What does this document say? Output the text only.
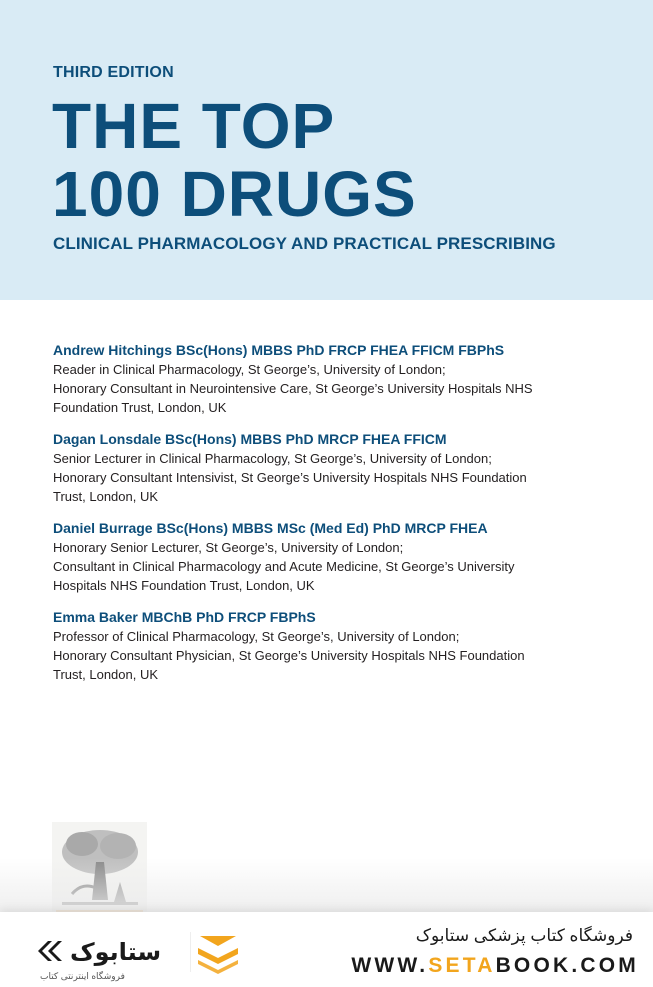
THIRD EDITION
THE TOP
100 DRUGS
CLINICAL PHARMACOLOGY AND PRACTICAL PRESCRIBING
Andrew Hitchings BSc(Hons) MBBS PhD FRCP FHEA FFICM FBPhS
Reader in Clinical Pharmacology, St George’s, University of London;
Honorary Consultant in Neurointensive Care, St George’s University Hospitals NHS
Foundation Trust, London, UK
Dagan Lonsdale BSc(Hons) MBBS PhD MRCP FHEA FFICM
Senior Lecturer in Clinical Pharmacology, St George’s, University of London;
Honorary Consultant Intensivist, St George’s University Hospitals NHS Foundation
Trust, London, UK
Daniel Burrage BSc(Hons) MBBS MSc (Med Ed) PhD MRCP FHEA
Honorary Senior Lecturer, St George’s, University of London;
Consultant in Clinical Pharmacology and Acute Medicine, St George’s University
Hospitals NHS Foundation Trust, London, UK
Emma Baker MBChB PhD FRCP FBPhS
Professor of Clinical Pharmacology, St George’s, University of London;
Honorary Consultant Physician, St George’s University Hospitals NHS Foundation
Trust, London, UK
ستابوک
فروشگاه اینترنتی کتاب
فروشگاه کتاب پزشکی ستابوک
WWW.SETABOOK.COM
